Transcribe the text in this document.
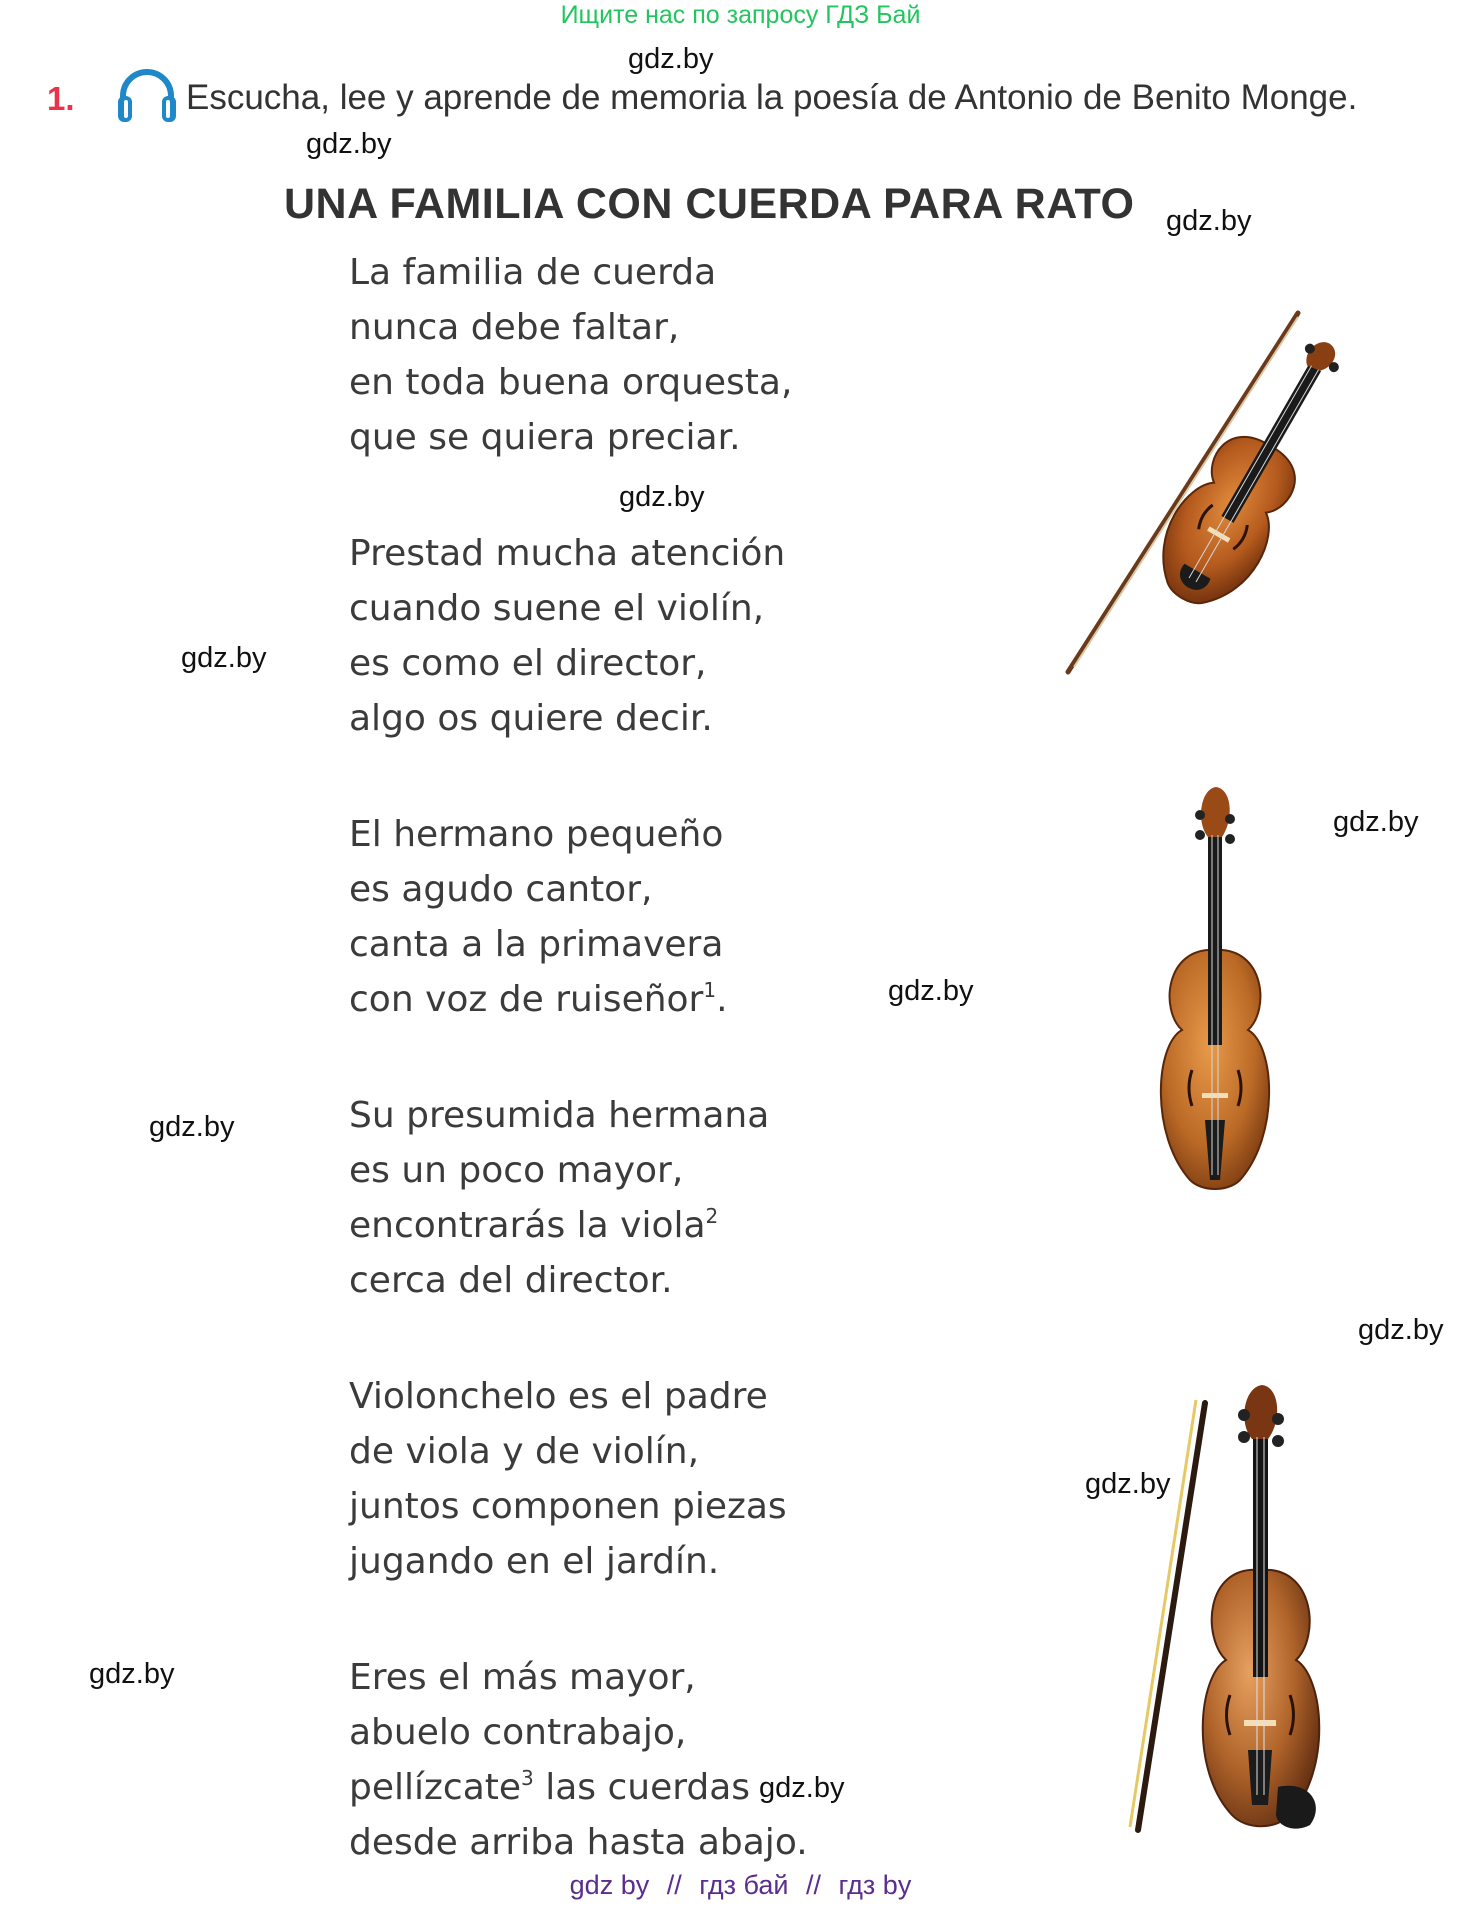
Ищите нас по запросу ГДЗ Бай
gdz.by
gdz.by
gdz.by
gdz.by
gdz.by
gdz.by
gdz.by
gdz.by
gdz.by
gdz.by
gdz.by
gdz.by
1.	Escucha, lee y aprende de memoria la poesía de Antonio de Benito Monge.
UNA FAMILIA CON CUERDA PARA RATO
La familia de cuerda
nunca debe faltar,
en toda buena orquesta,
que se quiera preciar.
Prestad mucha atención
cuando suene el violín,
es como el director,
algo os quiere decir.
El hermano pequeño
es agudo cantor,
canta a la primavera
con voz de ruiseñor$^1$.
Su presumida hermana
es un poco mayor,
encontrarás la viola$^2$
cerca del director.
Violonchelo es el padre
de viola y de violín,
juntos componen piezas
jugando en el jardín.
Eres el más mayor,
abuelo contrabajo,
pellízcate$^3$ las cuerdas
desde arriba hasta abajo.
gdz by // гдз бай // гдз by
